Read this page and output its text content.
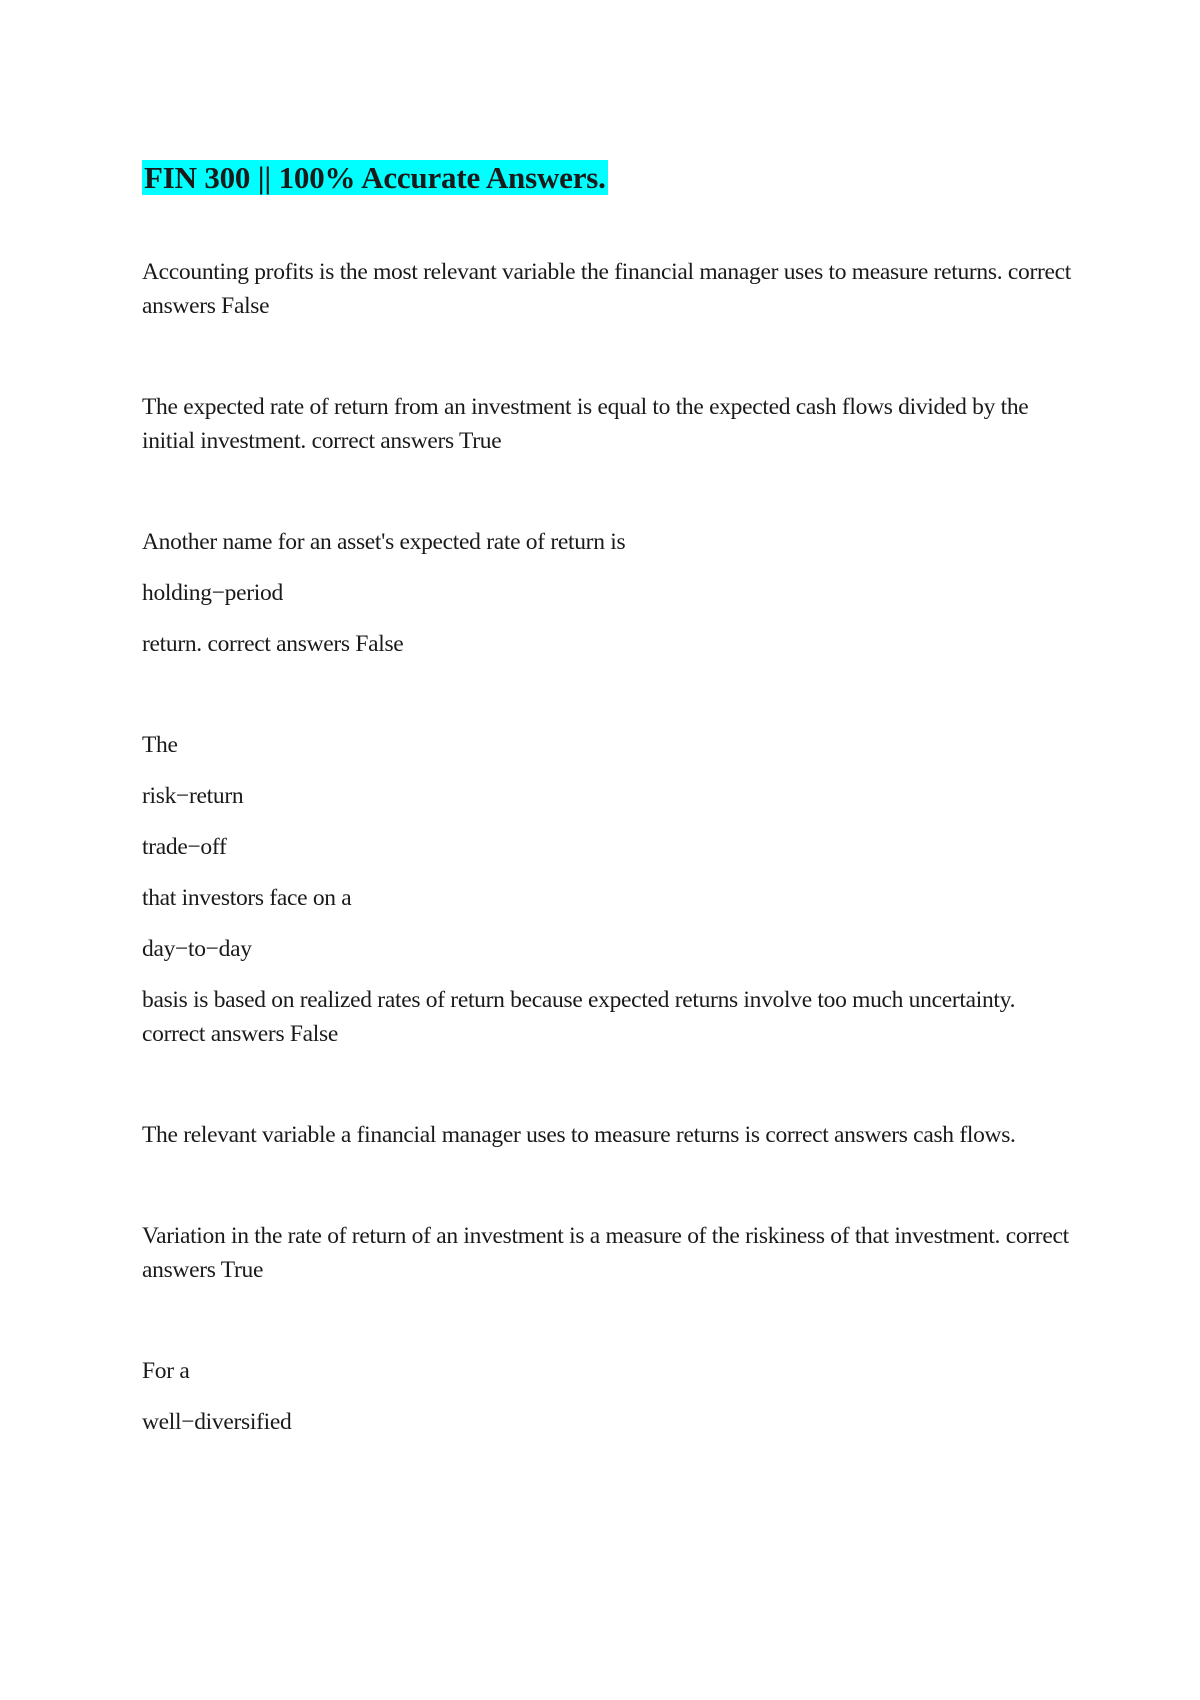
FIN 300 || 100% Accurate Answers.

Accounting profits is the most relevant variable the financial manager uses to measure returns. correct answers False

The expected rate of return from an investment is equal to the expected cash flows divided by the initial investment. correct answers True

Another name for an asset's expected rate of return is

holding−period

return. correct answers False

The

risk−return

trade−off

that investors face on a

day−to−day

basis is based on realized rates of return because expected returns involve too much uncertainty. correct answers False

The relevant variable a financial manager uses to measure returns is correct answers cash flows.

Variation in the rate of return of an investment is a measure of the riskiness of that investment. correct answers True

For a

well−diversified
